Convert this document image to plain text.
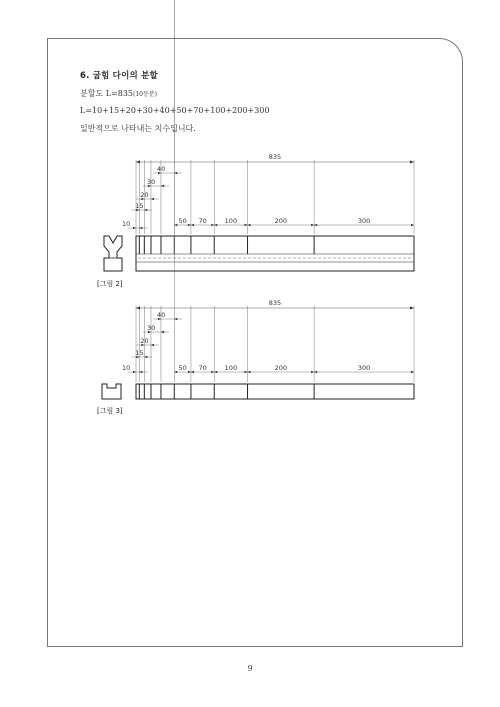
6. 굽힘 다이의 분할
분할도 L=835(10등분)
L=10+15+20+30+40+50+70+100+200+300
일반적으로 나타내는 치수입니다.
835
10
15
20
30
40
50 70	100	200	300
[그림 2]
835
10
15
20
30
40
50 70	100	200	300
[그림 3]
9
